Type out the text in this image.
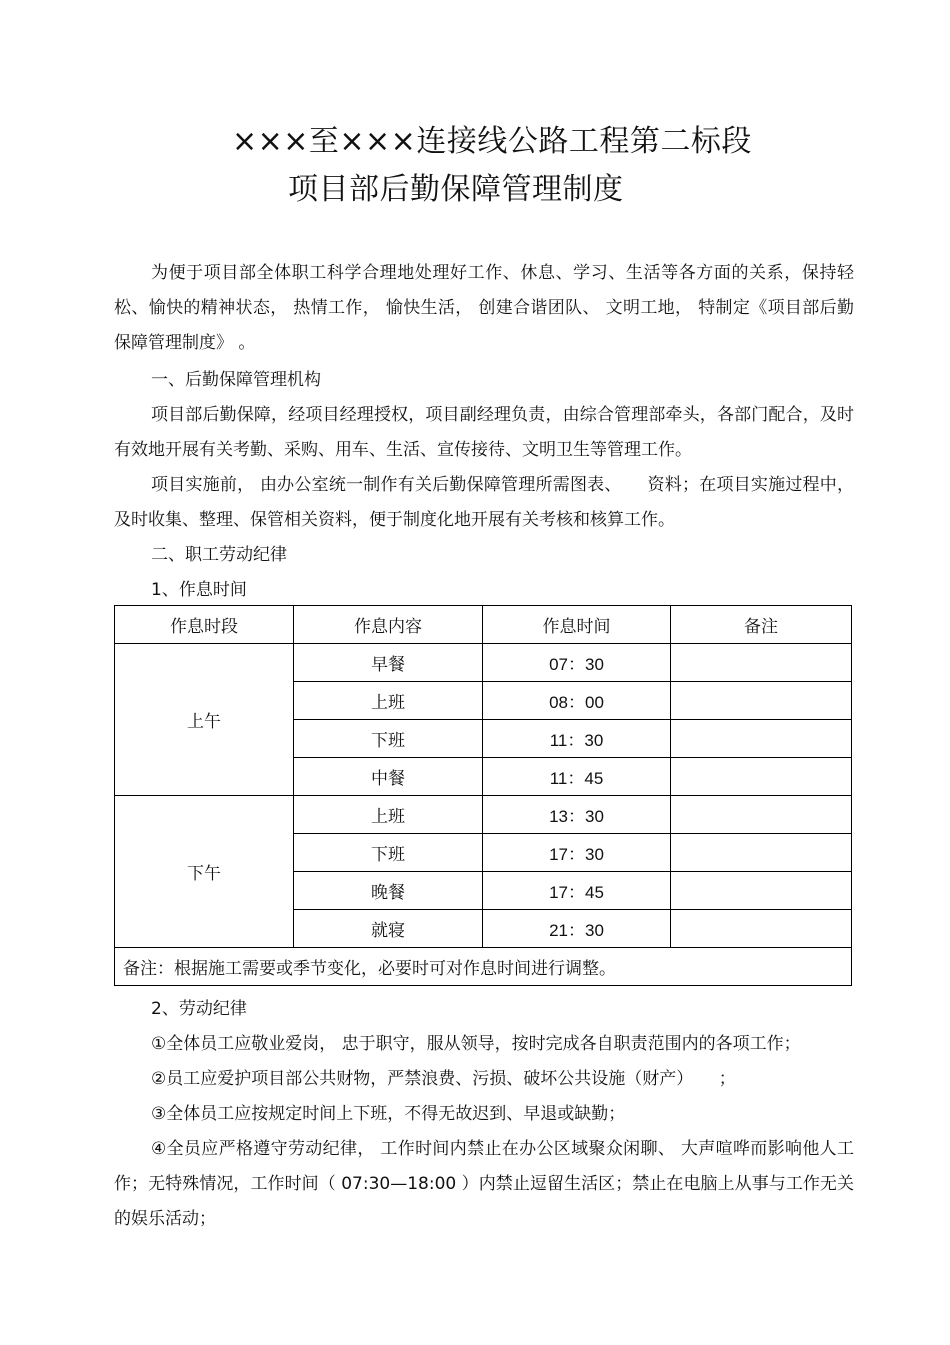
×××至×××连接线公路工程第二标段
项目部后勤保障管理制度
为便于项目部全体职工科学合理地处理好工作、休息、学习、生活等各方面的关系，保持轻松、愉快的精神状态， 热情工作， 愉快生活， 创建合谐团队、 文明工地， 特制定《项目部后勤保障管理制度》 。
一、后勤保障管理机构
项目部后勤保障，经项目经理授权，项目副经理负责，由综合管理部牵头，各部门配合，及时有效地开展有关考勤、采购、用车、生活、宣传接待、文明卫生等管理工作。
项目实施前， 由办公室统一制作有关后勤保障管理所需图表、　　资料；在项目实施过程中，及时收集、整理、保管相关资料，便于制度化地开展有关考核和核算工作。
二、职工劳动纪律
1、作息时间
作息时段	作息内容	作息时间	备注
上午	早餐	07：30	
	上班	08：00	
	下班	11：30	
	中餐	11：45	
下午	上班	13：30	
	下班	17：30	
	晚餐	17：45	
	就寝	21：30	
备注：根据施工需要或季节变化，必要时可对作息时间进行调整。			
2、劳动纪律
①全体员工应敬业爱岗， 忠于职守，服从领导，按时完成各自职责范围内的各项工作；
②员工应爱护项目部公共财物，严禁浪费、污损、破坏公共设施（财产）　　；
③全体员工应按规定时间上下班，不得无故迟到、早退或缺勤；
④全员应严格遵守劳动纪律， 工作时间内禁止在办公区域聚众闲聊、 大声喧哗而影响他人工作；无特殊情况，工作时间（ 07:30—18:00 ）内禁止逗留生活区；禁止在电脑上从事与工作无关的娱乐活动；
